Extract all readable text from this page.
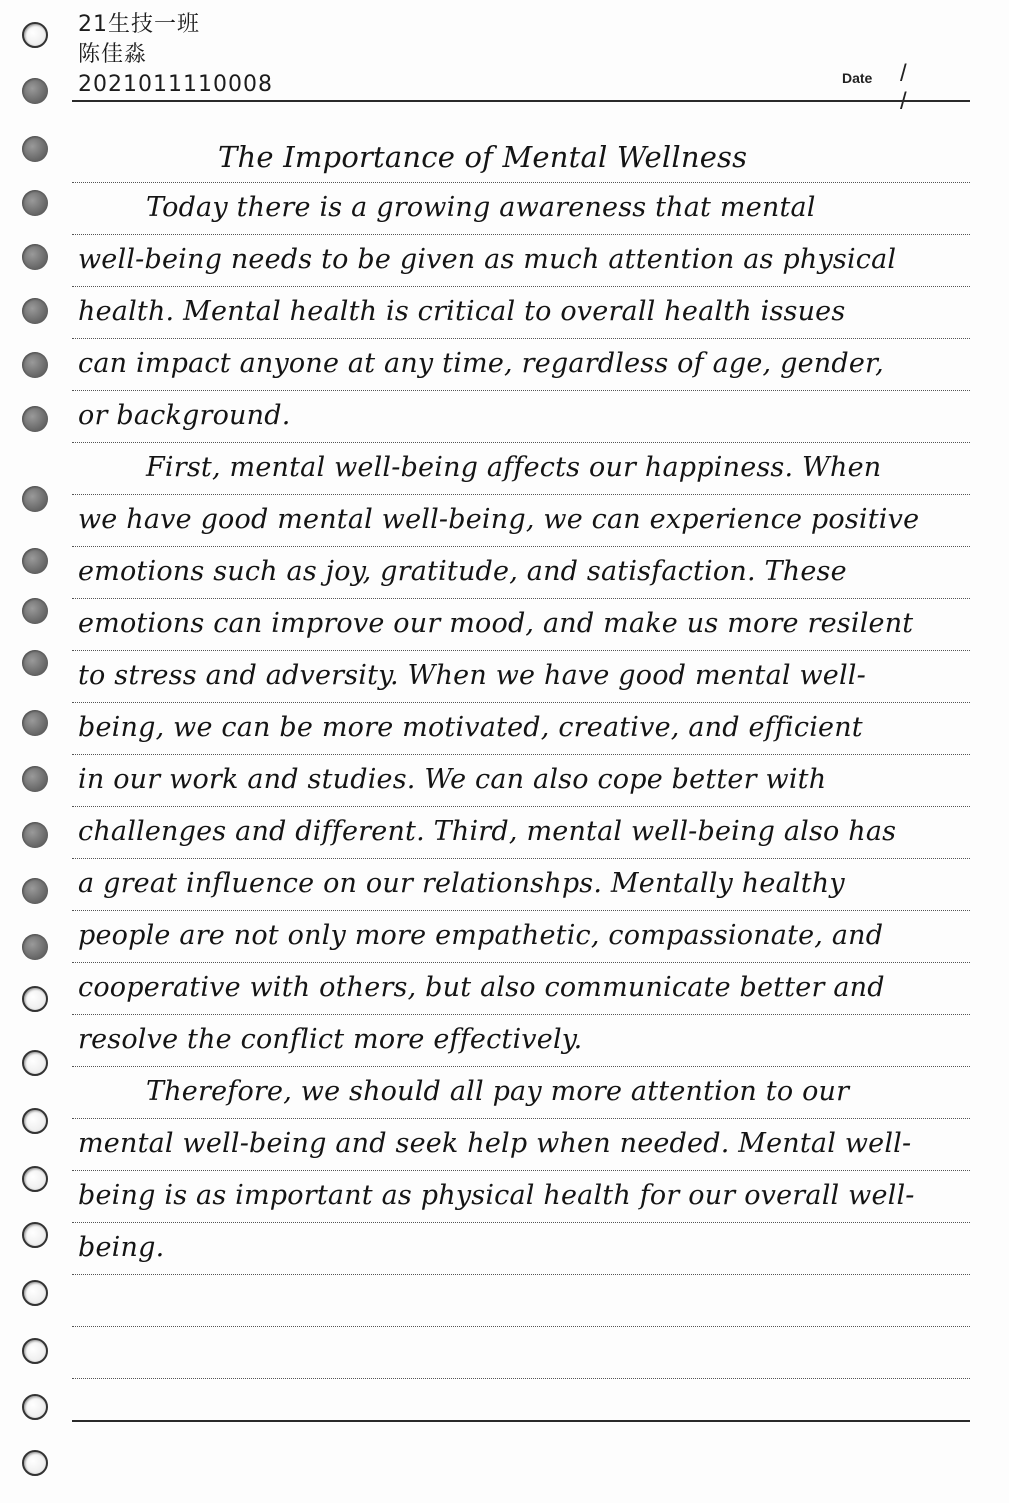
21生技一班
陈佳淼
2021011110008	Date / /
The Importance of Mental Wellness
Today there is a growing awareness that mental
well-being needs to be given as much attention as physical
health. Mental health is critical to overall health issues
can impact anyone at any time, regardless of age, gender,
or background.
First, mental well-being affects our happiness. When
we have good mental well-being, we can experience positive
emotions such as joy, gratitude, and satisfaction. These
emotions can improve our mood, and make us more resilent
to stress and adversity. When we have good mental well-
being, we can be more motivated, creative, and efficient
in our work and studies. We can also cope better with
challenges and different. Third, mental well-being also has
a great influence on our relationshps. Mentally healthy
people are not only more empathetic, compassionate, and
cooperative with others, but also communicate better and
resolve the conflict more effectively.
Therefore, we should all pay more attention to our
mental well-being and seek help when needed. Mental well-
being is as important as physical health for our overall well-
being.
